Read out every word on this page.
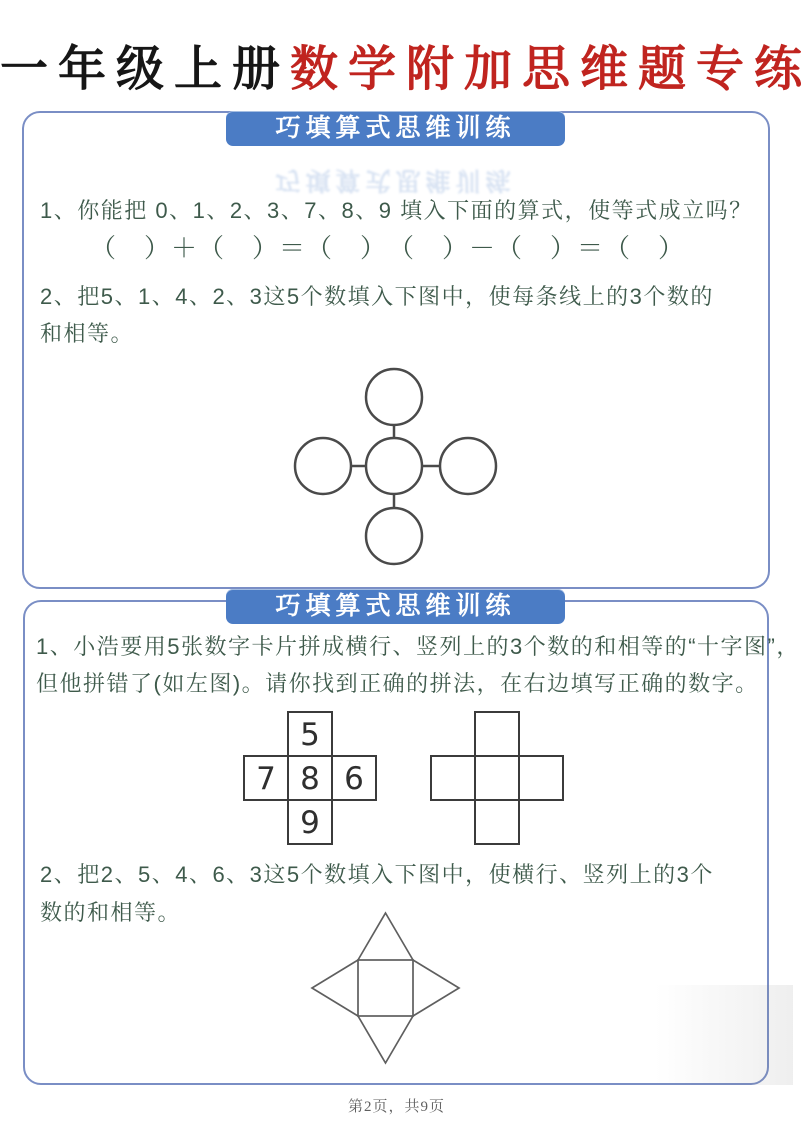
一年级上册数学附加思维题专练
巧填算式思维训练
巧填算式思维训练
1、你能把 0、1、2、3、7、8、9 填入下面的算式，使等式成立吗？
（　）＋（　）＝（　）　（　）－（　）＝（　）
2、把5、1、4、2、3这5个数填入下图中，使每条线上的3个数的
和相等。
巧填算式思维训练
1、小浩要用5张数字卡片拼成横行、竖列上的3个数的和相等的“十字图”，
但他拼错了(如左图)。请你找到正确的拼法，在右边填写正确的数字。
5
7 8 6
9
2、把2、5、4、6、3这5个数填入下图中，使横行、竖列上的3个
数的和相等。
第2页，共9页
